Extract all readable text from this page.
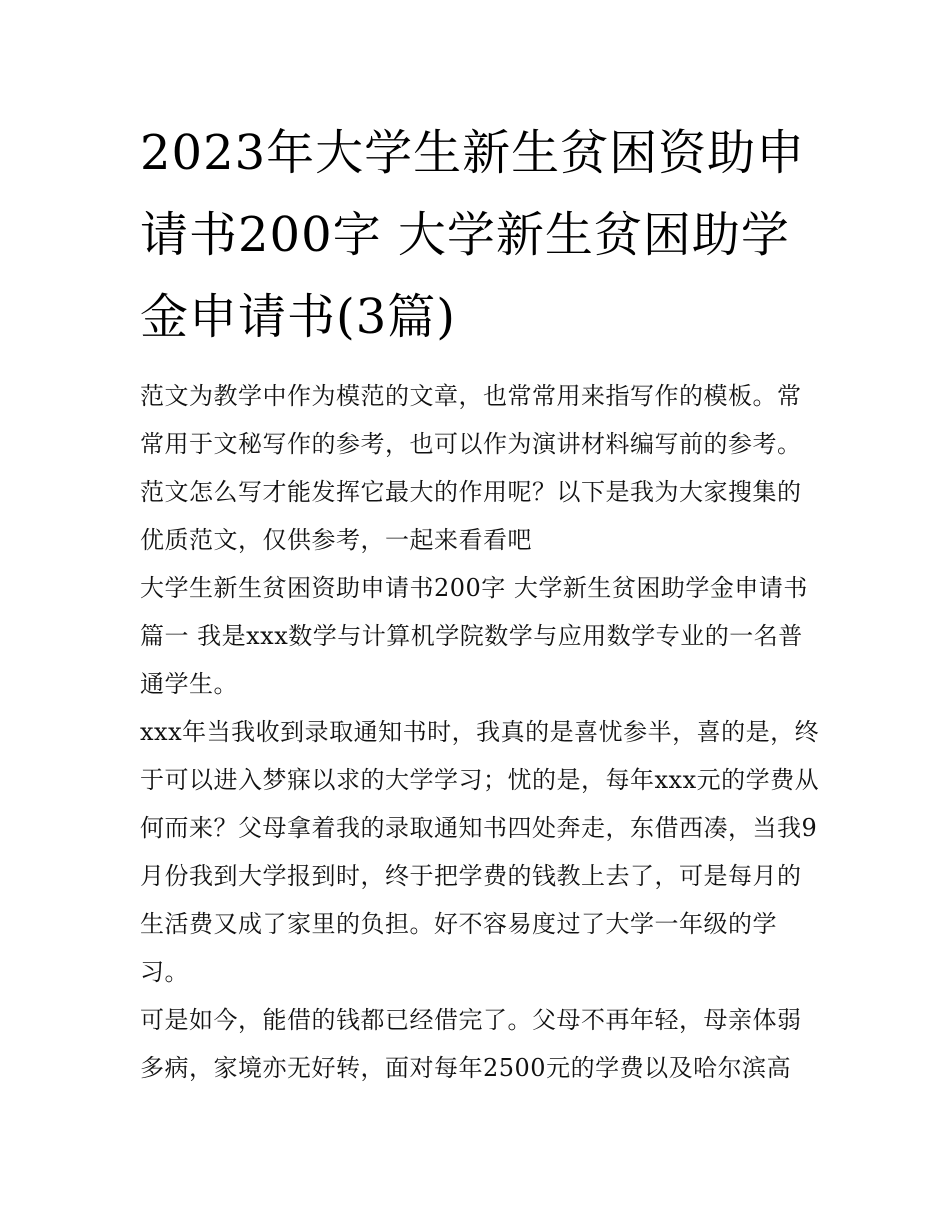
2023年大学生新生贫困资助申请书200字 大学新生贫困助学金申请书(3篇)

范文为教学中作为模范的文章，也常常用来指写作的模板。常常用于文秘写作的参考，也可以作为演讲材料编写前的参考。范文怎么写才能发挥它最大的作用呢？以下是我为大家搜集的优质范文，仅供参考，一起来看看吧

大学生新生贫困资助申请书200字 大学新生贫困助学金申请书篇一 我是xxx数学与计算机学院数学与应用数学专业的一名普通学生。

xxx年当我收到录取通知书时，我真的是喜忧参半，喜的是，终于可以进入梦寐以求的大学学习；忧的是，每年xxx元的学费从何而来？父母拿着我的录取通知书四处奔走，东借西凑，当我9月份我到大学报到时，终于把学费的钱教上去了，可是每月的生活费又成了家里的负担。好不容易度过了大学一年级的学习。

可是如今，能借的钱都已经借完了。父母不再年轻，母亲体弱多病，家境亦无好转，面对每年2500元的学费以及哈尔滨高
